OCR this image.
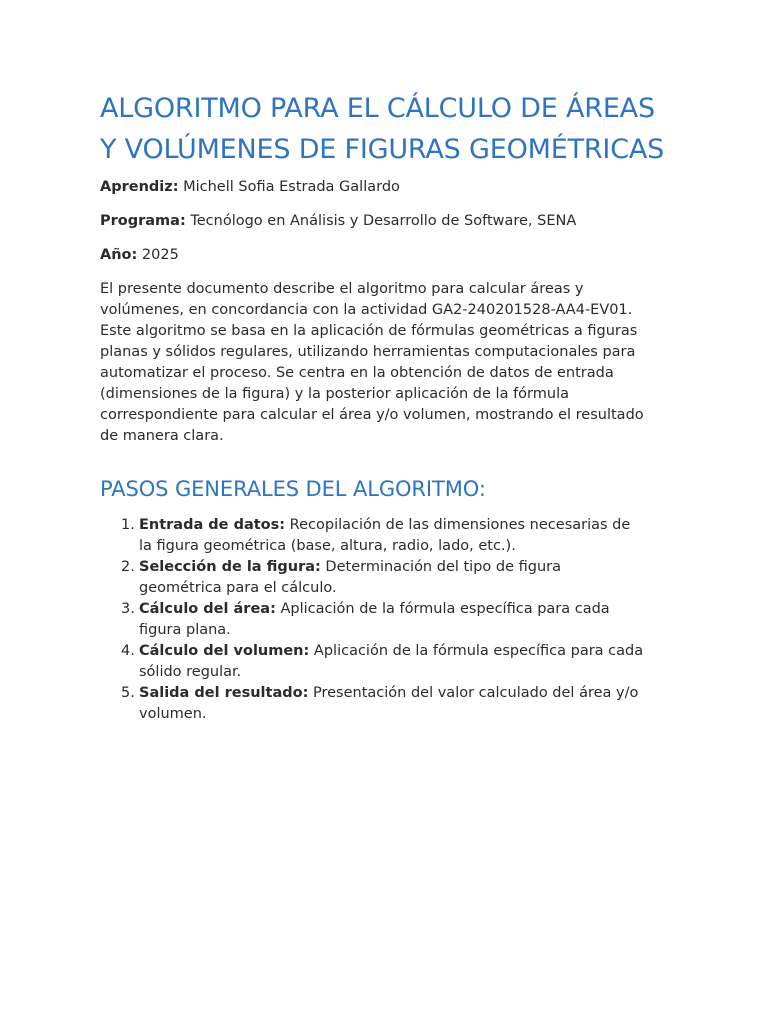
ALGORITMO PARA EL CÁLCULO DE ÁREAS Y VOLÚMENES DE FIGURAS GEOMÉTRICAS

Aprendiz: Michell Sofia Estrada Gallardo

Programa: Tecnólogo en Análisis y Desarrollo de Software, SENA

Año: 2025

El presente documento describe el algoritmo para calcular áreas y volúmenes, en concordancia con la actividad GA2-240201528-AA4-EV01. Este algoritmo se basa en la aplicación de fórmulas geométricas a figuras planas y sólidos regulares, utilizando herramientas computacionales para automatizar el proceso. Se centra en la obtención de datos de entrada (dimensiones de la figura) y la posterior aplicación de la fórmula correspondiente para calcular el área y/o volumen, mostrando el resultado de manera clara.

PASOS GENERALES DEL ALGORITMO:
Entrada de datos: Recopilación de las dimensiones necesarias de la figura geométrica (base, altura, radio, lado, etc.).
Selección de la figura: Determinación del tipo de figura geométrica para el cálculo.
Cálculo del área: Aplicación de la fórmula específica para cada figura plana.
Cálculo del volumen: Aplicación de la fórmula específica para cada sólido regular.
Salida del resultado: Presentación del valor calculado del área y/o volumen.
